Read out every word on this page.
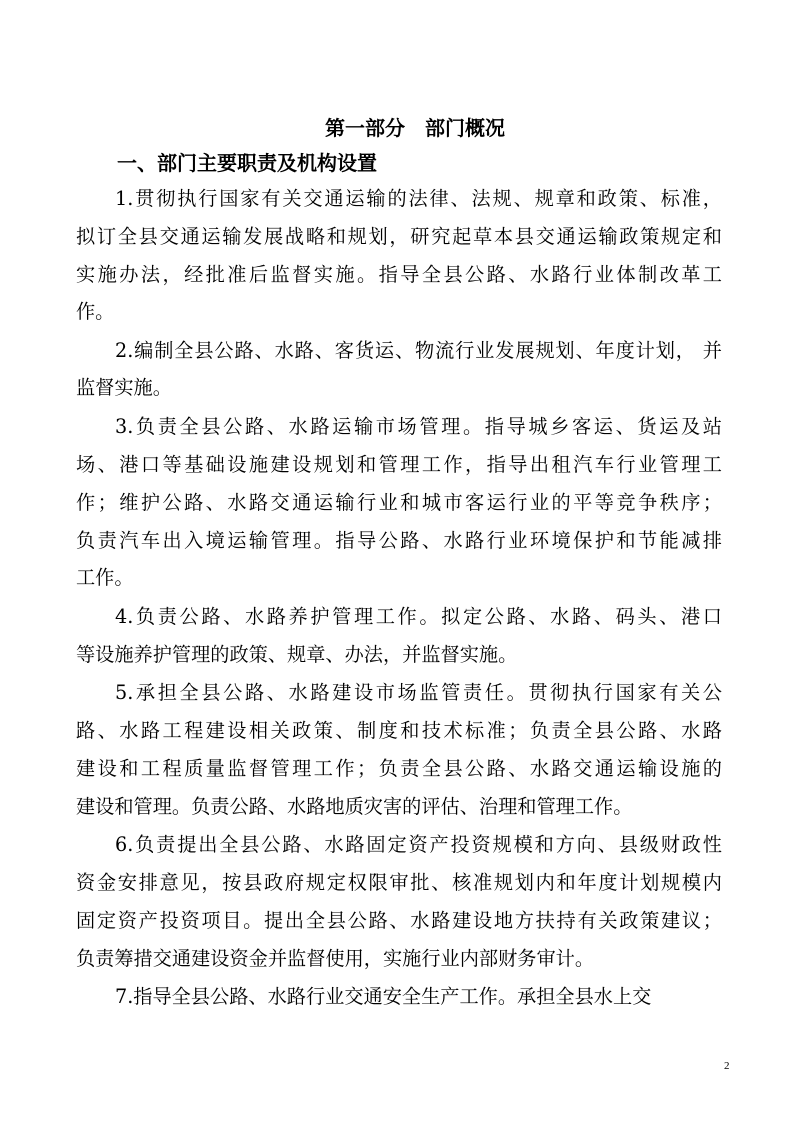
第一部分　部门概况
一、部门主要职责及机构设置
1.贯彻执行国家有关交通运输的法律、法规、规章和政策、标准，
拟订全县交通运输发展战略和规划，研究起草本县交通运输政策规定和
实施办法，经批准后监督实施。指导全县公路、水路行业体制改革工
作。
2.编制全县公路、水路、客货运、物流行业发展规划、年度计划， 并
监督实施。
3.负责全县公路、水路运输市场管理。指导城乡客运、货运及站
场、港口等基础设施建设规划和管理工作，指导出租汽车行业管理工
作；维护公路、水路交通运输行业和城市客运行业的平等竞争秩序；
负责汽车出入境运输管理。指导公路、水路行业环境保护和节能减排
工作。
4.负责公路、水路养护管理工作。拟定公路、水路、码头、港口
等设施养护管理的政策、规章、办法，并监督实施。
5.承担全县公路、水路建设市场监管责任。贯彻执行国家有关公
路、水路工程建设相关政策、制度和技术标准；负责全县公路、水路
建设和工程质量监督管理工作；负责全县公路、水路交通运输设施的
建设和管理。负责公路、水路地质灾害的评估、治理和管理工作。
6.负责提出全县公路、水路固定资产投资规模和方向、县级财政性
资金安排意见，按县政府规定权限审批、核准规划内和年度计划规模内
固定资产投资项目。提出全县公路、水路建设地方扶持有关政策建议；
负责筹措交通建设资金并监督使用，实施行业内部财务审计。
7.指导全县公路、水路行业交通安全生产工作。承担全县水上交
2
